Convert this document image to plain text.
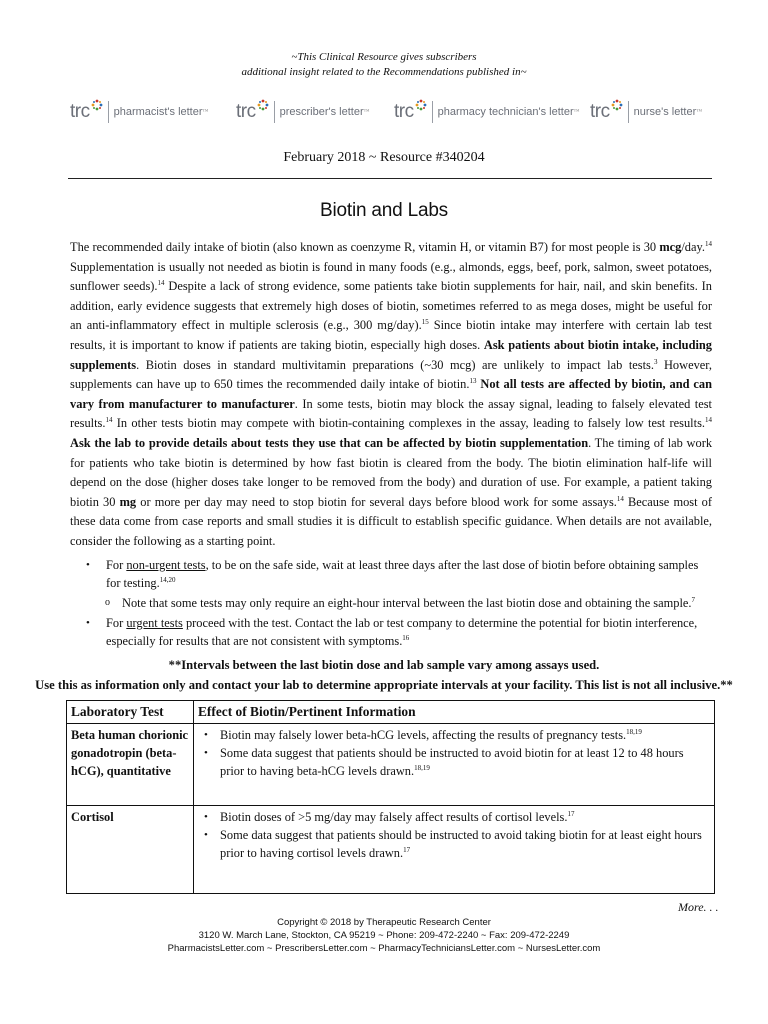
~This Clinical Resource gives subscribers
additional insight related to the Recommendations published in~
trc pharmacist's letter ™ trc prescriber's letter ™ trc pharmacy technician's letter ™ trc nurse's letter ™
February 2018 ~ Resource #340204
Biotin and Labs
The recommended daily intake of biotin (also known as coenzyme R, vitamin H, or vitamin B7) for most people is 30 mcg/day.$^{14}$ Supplementation is usually not needed as biotin is found in many foods (e.g., almonds, eggs, beef, pork, salmon, sweet potatoes, sunflower seeds).$^{14}$ Despite a lack of strong evidence, some patients take biotin supplements for hair, nail, and skin benefits. In addition, early evidence suggests that extremely high doses of biotin, sometimes referred to as mega doses, might be useful for an anti-inflammatory effect in multiple sclerosis (e.g., 300 mg/day).$^{15}$ Since biotin intake may interfere with certain lab test results, it is important to know if patients are taking biotin, especially high doses. Ask patients about biotin intake, including supplements. Biotin doses in standard multivitamin preparations (~30 mcg) are unlikely to impact lab tests.$^3$ However, supplements can have up to 650 times the recommended daily intake of biotin.$^{13}$ Not all tests are affected by biotin, and can vary from manufacturer to manufacturer. In some tests, biotin may block the assay signal, leading to falsely elevated test results.$^{14}$ In other tests biotin may compete with biotin-containing complexes in the assay, leading to falsely low test results.$^{14}$ Ask the lab to provide details about tests they use that can be affected by biotin supplementation. The timing of lab work for patients who take biotin is determined by how fast biotin is cleared from the body. The biotin elimination half-life will depend on the dose (higher doses take longer to be removed from the body) and duration of use. For example, a patient taking biotin 30 mg or more per day may need to stop biotin for several days before blood work for some assays.$^{14}$ Because most of these data come from case reports and small studies it is difficult to establish specific guidance. When details are not available, consider the following as a starting point.
• For non-urgent tests, to be on the safe side, wait at least three days after the last dose of biotin before obtaining samples for testing.$^{14,20}$
o Note that some tests may only require an eight-hour interval between the last biotin dose and obtaining the sample.$^7$
• For urgent tests proceed with the test. Contact the lab or test company to determine the potential for biotin interference, especially for results that are not consistent with symptoms.$^{16}$
**Intervals between the last biotin dose and lab sample vary among assays used.
Use this as information only and contact your lab to determine appropriate intervals at your facility. This list is not all inclusive.**
Laboratory Test	Effect of Biotin/Pertinent Information
Beta human chorionic gonadotropin (beta-hCG), quantitative	• Biotin may falsely lower beta-hCG levels, affecting the results of pregnancy tests.$^{18,19}$
• Some data suggest that patients should be instructed to avoid biotin for at least 12 to 48 hours prior to having beta-hCG levels drawn.$^{18,19}$

Cortisol	• Biotin doses of >5 mg/day may falsely affect results of cortisol levels.$^{17}$
• Some data suggest that patients should be instructed to avoid taking biotin for at least eight hours prior to having cortisol levels drawn.$^{17}$
More. . .
Copyright © 2018 by Therapeutic Research Center
3120 W. March Lane, Stockton, CA 95219 ~ Phone: 209-472-2240 ~ Fax: 209-472-2249
PharmacistsLetter.com ~ PrescribersLetter.com ~ PharmacyTechniciansLetter.com ~ NursesLetter.com
